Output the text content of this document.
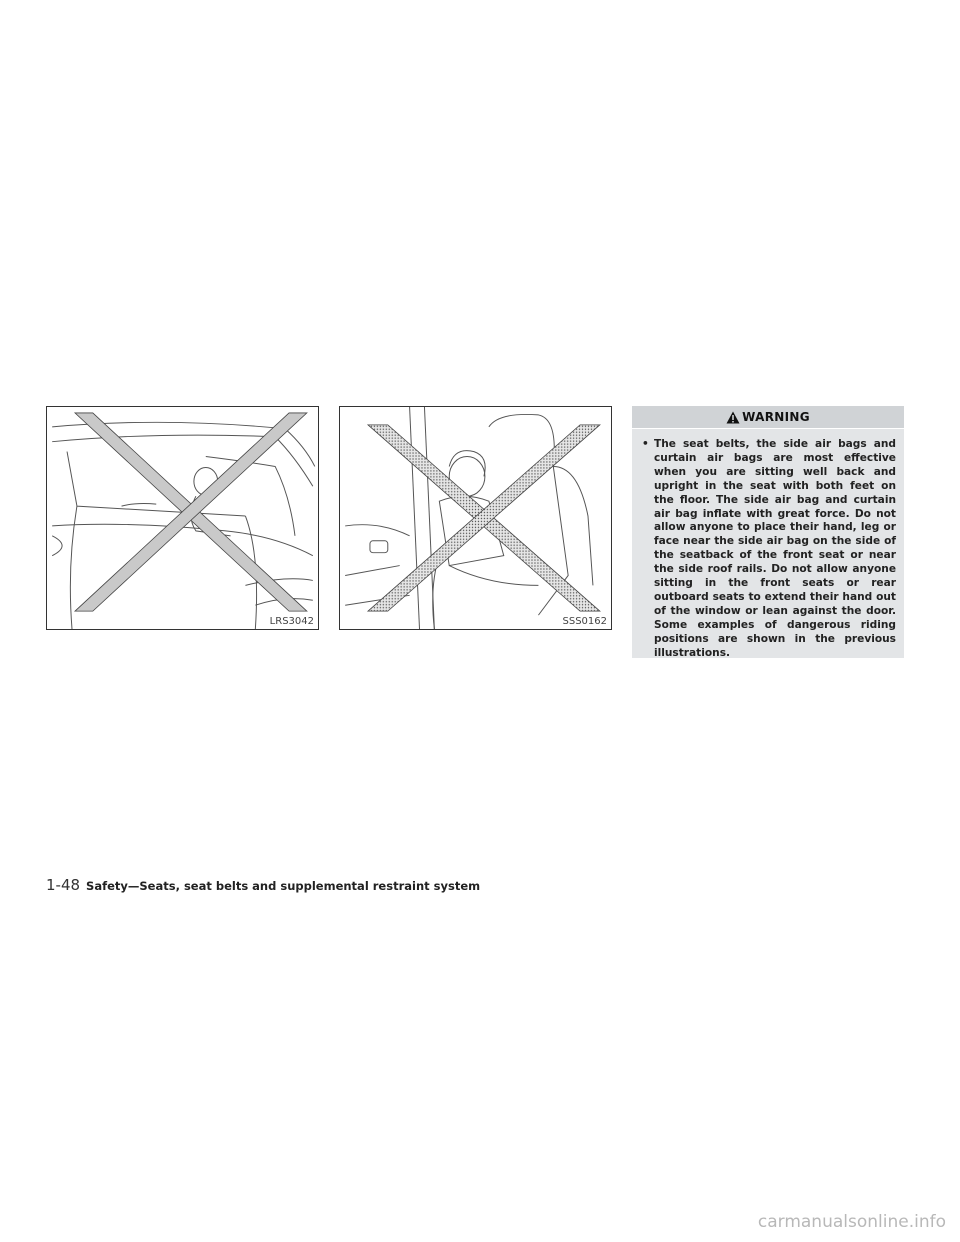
LRS3042	SSS0162
WARNING
• The seat belts, the side air bags and curtain air bags are most effective when you are sitting well back and upright in the seat with both feet on the floor. The side air bag and curtain air bag inflate with great force. Do not allow anyone to place their hand, leg or face near the side air bag on the side of the seatback of the front seat or near the side roof rails. Do not allow anyone sitting in the front seats or rear outboard seats to extend their hand out of the window or lean against the door. Some examples of dangerous riding positions are shown in the previous illustrations.
1-48 Safety—Seats, seat belts and supplemental restraint system
carmanualsonline.info
